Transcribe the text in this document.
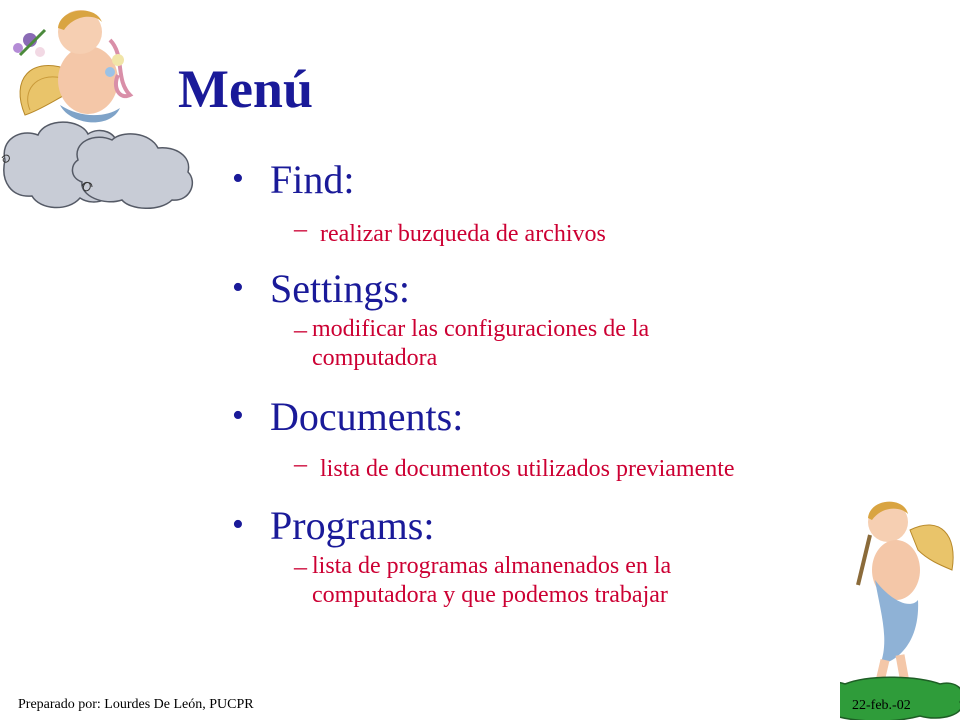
Menú
• Find:
– realizar buzqueda de archivos
• Settings:
– modificar las configuraciones de la computadora
• Documents:
– lista de documentos utilizados previamente
• Programs:
– lista de programas almanenados en la computadora y que podemos trabajar
Preparado por: Lourdes De León, PUCPR	22-feb.-02
